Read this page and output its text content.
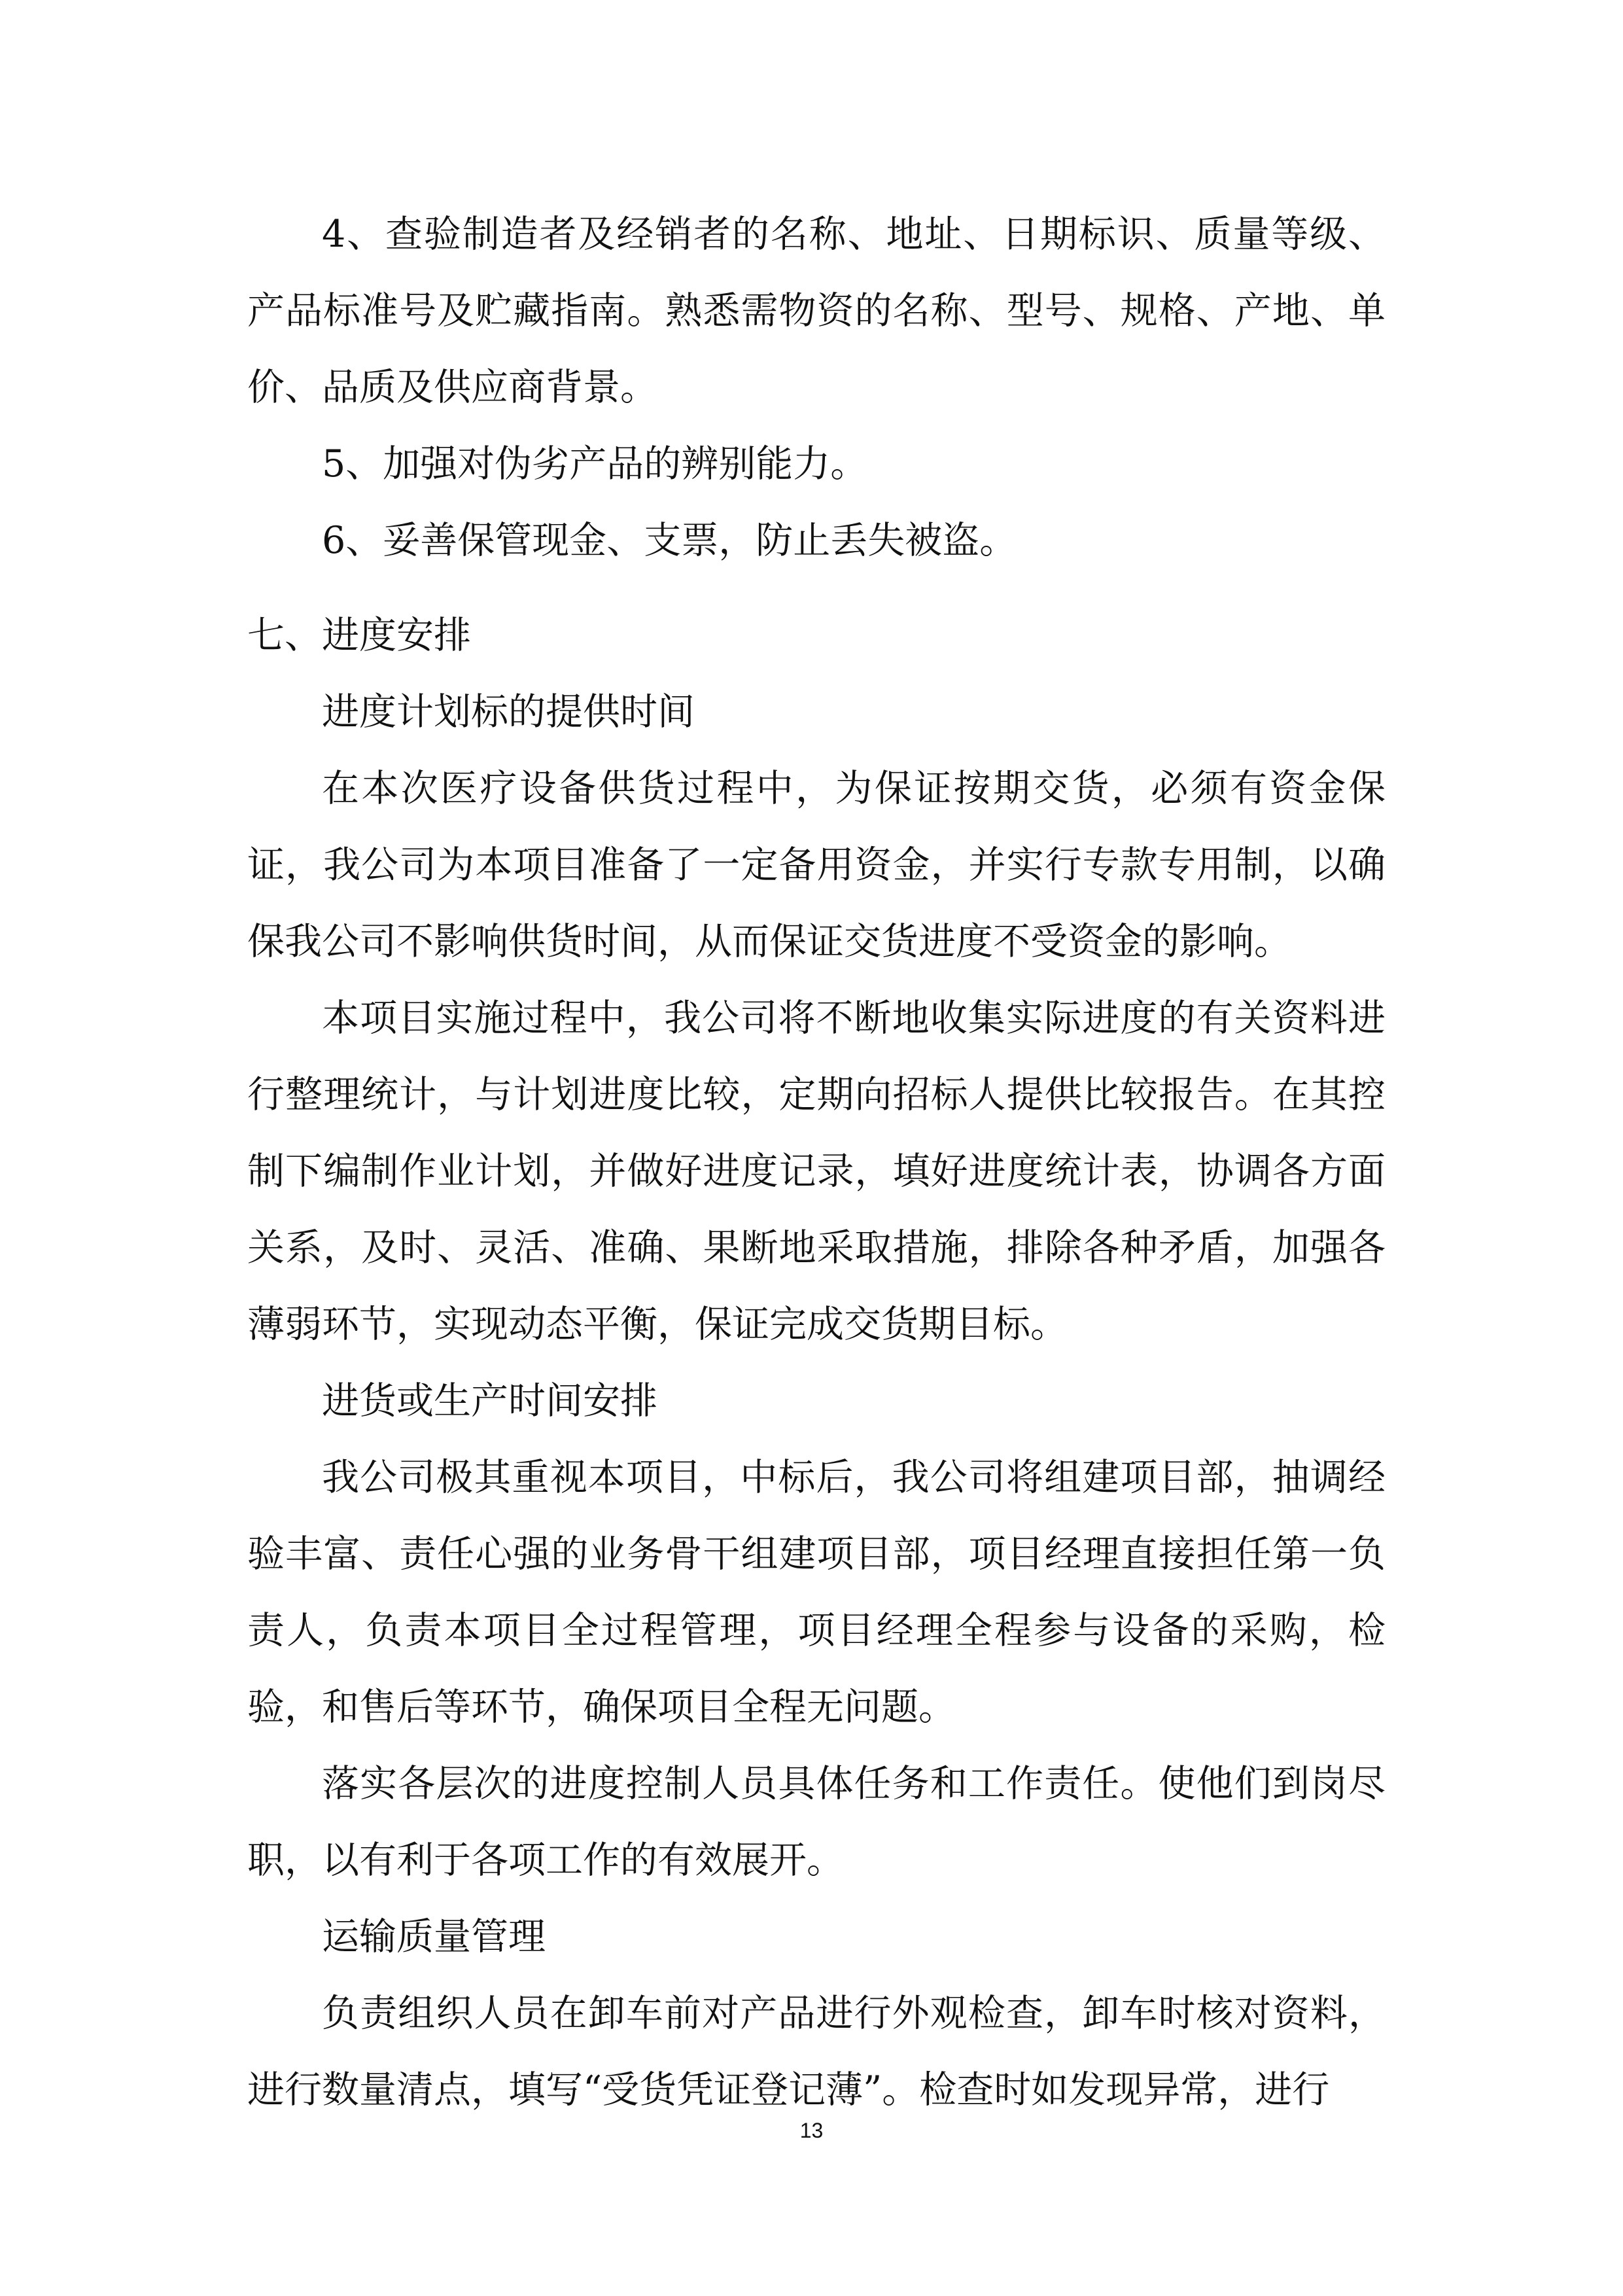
4、查验制造者及经销者的名称、地址、日期标识、质量等级、产品标准号及贮藏指南。熟悉需物资的名称、型号、规格、产地、单价、品质及供应商背景。

5、加强对伪劣产品的辨别能力。

6、妥善保管现金、支票，防止丢失被盗。

七、进度安排

进度计划标的提供时间

在本次医疗设备供货过程中，为保证按期交货，必须有资金保证，我公司为本项目准备了一定备用资金，并实行专款专用制，以确保我公司不影响供货时间，从而保证交货进度不受资金的影响。

本项目实施过程中，我公司将不断地收集实际进度的有关资料进行整理统计，与计划进度比较，定期向招标人提供比较报告。在其控制下编制作业计划，并做好进度记录，填好进度统计表，协调各方面关系，及时、灵活、准确、果断地采取措施，排除各种矛盾，加强各薄弱环节，实现动态平衡，保证完成交货期目标。

进货或生产时间安排

我公司极其重视本项目，中标后，我公司将组建项目部，抽调经验丰富、责任心强的业务骨干组建项目部，项目经理直接担任第一负责人，负责本项目全过程管理，项目经理全程参与设备的采购，检验，和售后等环节，确保项目全程无问题。

落实各层次的进度控制人员具体任务和工作责任。使他们到岗尽职，以有利于各项工作的有效展开。

运输质量管理

负责组织人员在卸车前对产品进行外观检查，卸车时核对资料，进行数量清点，填写“受货凭证登记薄”。检查时如发现异常，进行

13
